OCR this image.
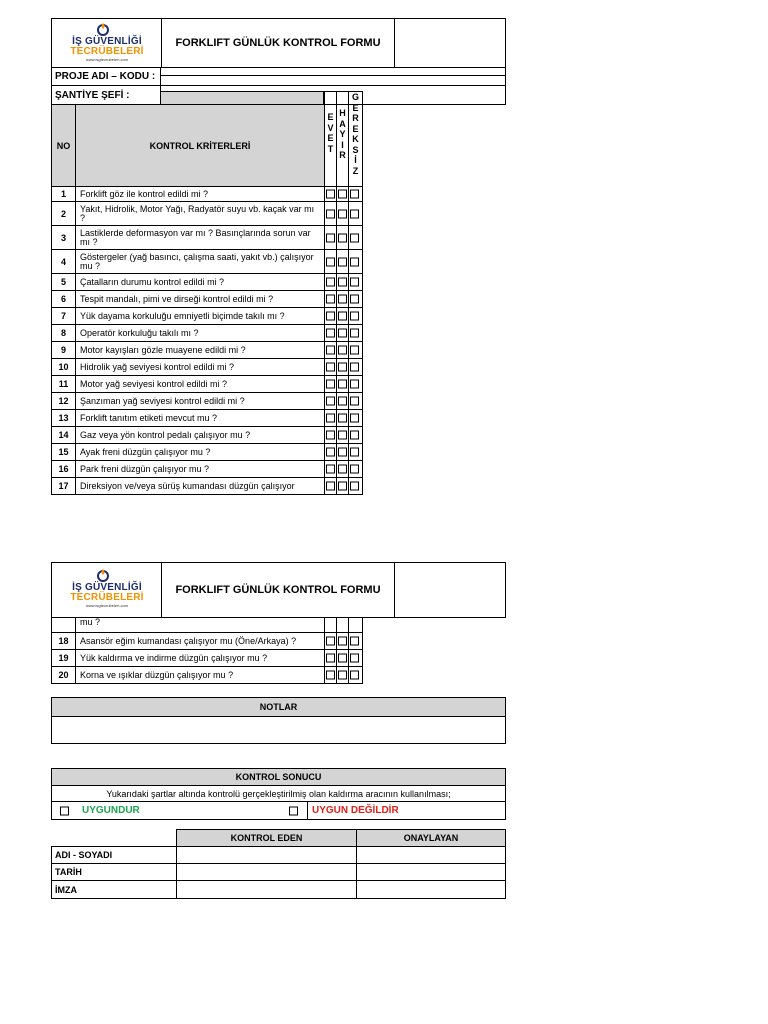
İŞ GÜVENLİĞİ
TECRÜBELERİ
www.isgtecrubeleri.com
FORKLIFT GÜNLÜK KONTROL FORMU
PROJE ADI – KODU :
ŞANTİYE ŞEFİ :
NO	KONTROL KRİTERLERİ
E
V
E
T
H
A
Y
I
R
G
E
R
E
K
S
İ
Z
1	Forklift göz ile kontrol edildi mi ?
2	Yakıt, Hidrolik, Motor Yağı, Radyatör suyu vb. kaçak var mı ?
3	Lastiklerde deformasyon var mı ? Basınçlarında sorun var mı ?
4	Göstergeler (yağ basıncı, çalışma saati, yakıt vb.) çalışıyor mu ?
5	Çatalların durumu kontrol edildi mi ?
6	Tespit mandalı, pimi ve dirseği kontrol edildi mi ?
7	Yük dayama korkuluğu emniyetli biçimde takılı mı ?
8	Operatör korkuluğu takılı mı ?
9	Motor kayışları gözle muayene edildi mi ?
10	Hidrolik yağ seviyesi kontrol edildi mi ?
11	Motor yağ seviyesi kontrol edildi mi ?
12	Şanzıman yağ seviyesi kontrol edildi mi ?
13	Forklift tanıtım etiketi mevcut mu ?
14	Gaz veya yön kontrol pedalı çalışıyor mu ?
15	Ayak freni düzgün çalışıyor mu ?
16	Park freni düzgün çalışıyor mu ?
17	Direksiyon ve/veya sürüş kumandası düzgün çalışıyor
İŞ GÜVENLİĞİ
TECRÜBELERİ
www.isgtecrubeleri.com
FORKLIFT GÜNLÜK KONTROL FORMU
mu ?
18	Asansör eğim kumandası çalışıyor mu (Öne/Arkaya) ?
19	Yük kaldırma ve indirme düzgün çalışıyor mu ?
20	Korna ve ışıklar düzgün çalışıyor mu ?
NOTLAR
KONTROL SONUCU
Yukarıdaki şartlar altında kontrolü gerçekleştirilmiş olan kaldırma aracının kullanılması;
UYGUNDUR	UYGUN DEĞİLDİR
KONTROL EDEN	ONAYLAYAN
ADI - SOYADI
TARİH
İMZA
